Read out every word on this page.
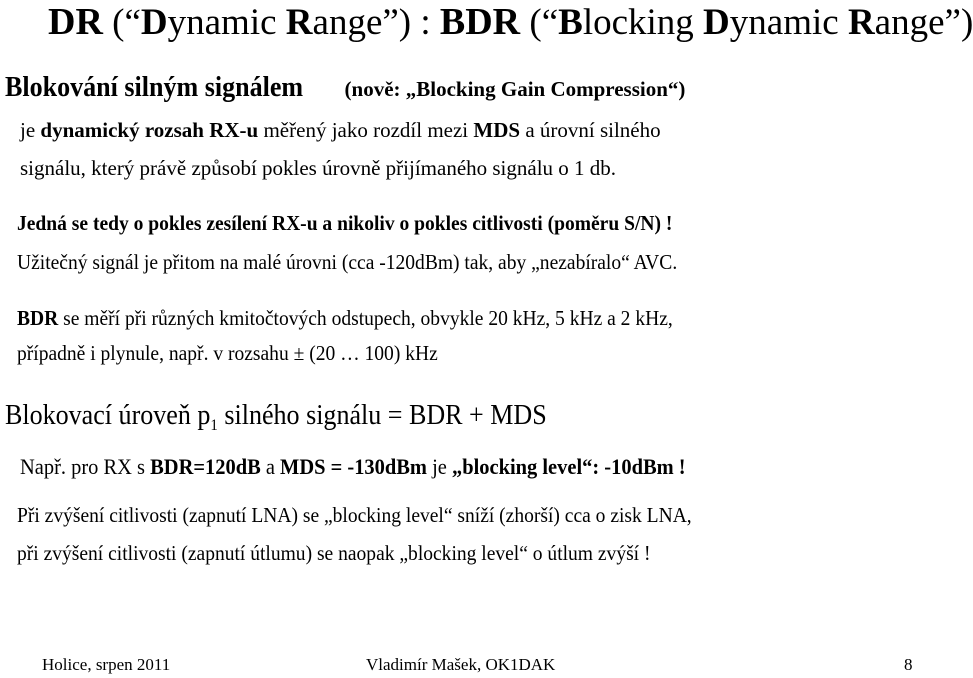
DR (“Dynamic Range”) : BDR (“Blocking Dynamic Range”)
Blokování silným signálem (nově: „Blocking Gain Compression“)
je dynamický rozsah RX-u měřený jako rozdíl mezi MDS a úrovní silného
signálu, který právě způsobí pokles úrovně přijímaného signálu o 1 db.
Jedná se tedy o pokles zesílení RX-u a nikoliv o pokles citlivosti (poměru S/N) !
Užitečný signál je přitom na malé úrovni (cca -120dBm) tak, aby „nezabíralo“ AVC.
BDR se měří při různých kmitočtových odstupech, obvykle 20 kHz, 5 kHz a 2 kHz,
případně i plynule, např. v rozsahu ± (20 … 100) kHz
Blokovací úroveň $p_1$ silného signálu = BDR + MDS
Např. pro RX s BDR=120dB a MDS = -130dBm je „blocking level“: -10dBm !
Při zvýšení citlivosti (zapnutí LNA) se „blocking level“ sníží (zhorší) cca o zisk LNA,
při zvýšení citlivosti (zapnutí útlumu) se naopak „blocking level“ o útlum zvýší !
Holice, srpen 2011	Vladimír Mašek, OK1DAK	8
